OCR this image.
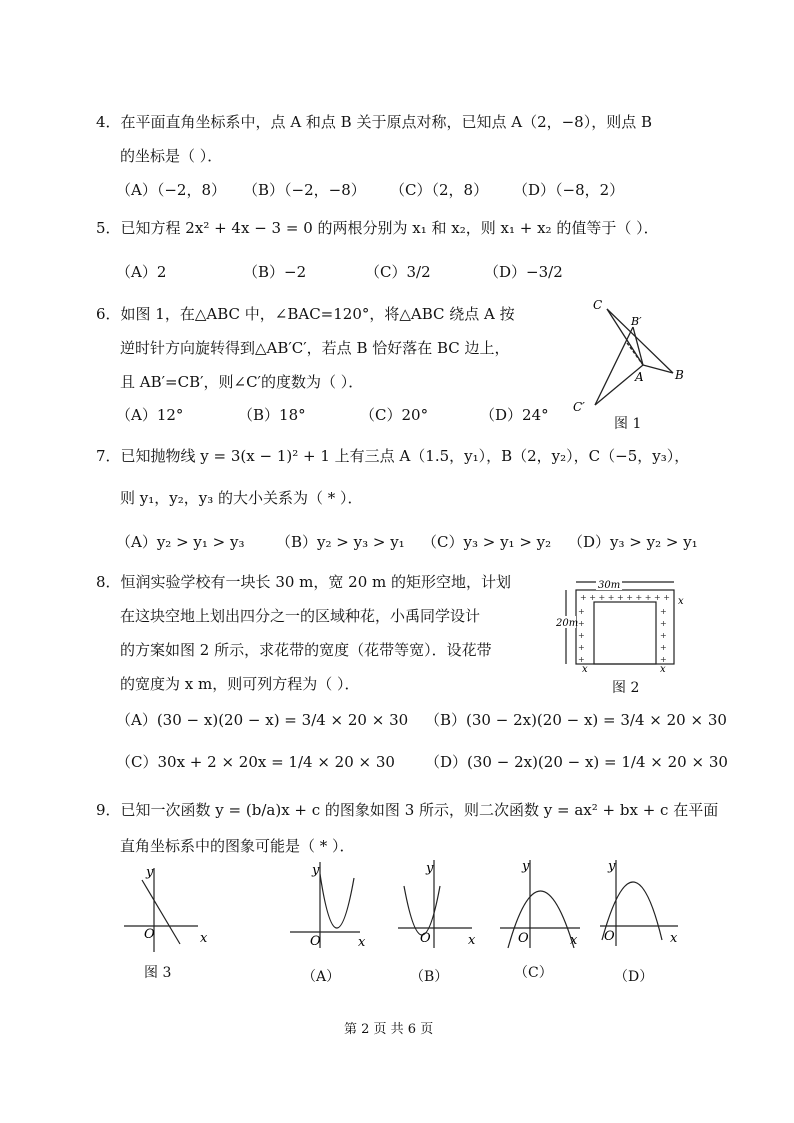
4．在平面直角坐标系中，点 A 和点 B 关于原点对称，已知点 A（2，−8），则点 B
的坐标是（ ）．
（A）（−2，8） （B）（−2，−8） （C）（2，8） （D）（−8，2）
5．已知方程 2x² + 4x − 3 = 0 的两根分别为 x₁ 和 x₂，则 x₁ + x₂ 的值等于（ ）．
（A）2	（B）−2	（C）3/2	（D）−3/2
6．如图 1，在△ABC 中，∠BAC=120°，将△ABC 绕点 A 按
逆时针方向旋转得到△AB′C′，若点 B 恰好落在 BC 边上，
且 AB′=CB′，则∠C′的度数为（ ）．
（A）12°	（B）18°	（C）20°	（D）24°
C
B′
A	B
C′
图 1
7．已知抛物线 y = 3(x − 1)² + 1 上有三点 A（1.5，y₁），B（2，y₂），C（−5，y₃），
则 y₁，y₂，y₃ 的大小关系为（ * ）．
（A）y₂ > y₁ > y₃ （B）y₂ > y₃ > y₁ （C）y₃ > y₁ > y₂ （D）y₃ > y₂ > y₁
8．恒润实验学校有一块长 30 m，宽 20 m 的矩形空地，计划
在这块空地上划出四分之一的区域种花，小禹同学设计
的方案如图 2 所示，求花带的宽度（花带等宽）．设花带
的宽度为 x m，则可列方程为（ ）．
+ + + + + + + + + +
+
+
+
+
+
+
+
+
+
+
30m
20m
x
x	x
图 2
（A）(30 − x)(20 − x) = 3/4 × 20 × 30 （B）(30 − 2x)(20 − x) = 3/4 × 20 × 30
（C）30x + 2 × 20x = 1/4 × 20 × 30 （D）(30 − 2x)(20 − x) = 1/4 × 20 × 30
9．已知一次函数 y = (b/a)x + c 的图象如图 3 所示，则二次函数 y = ax² + bx + c 在平面
直角坐标系中的图象可能是（ * ）．
y
x
O
图 3
y
x
O
（A）
y
x
O
（B）
y
x
O
（C）
y
x
O
（D）
第 2 页 共 6 页
